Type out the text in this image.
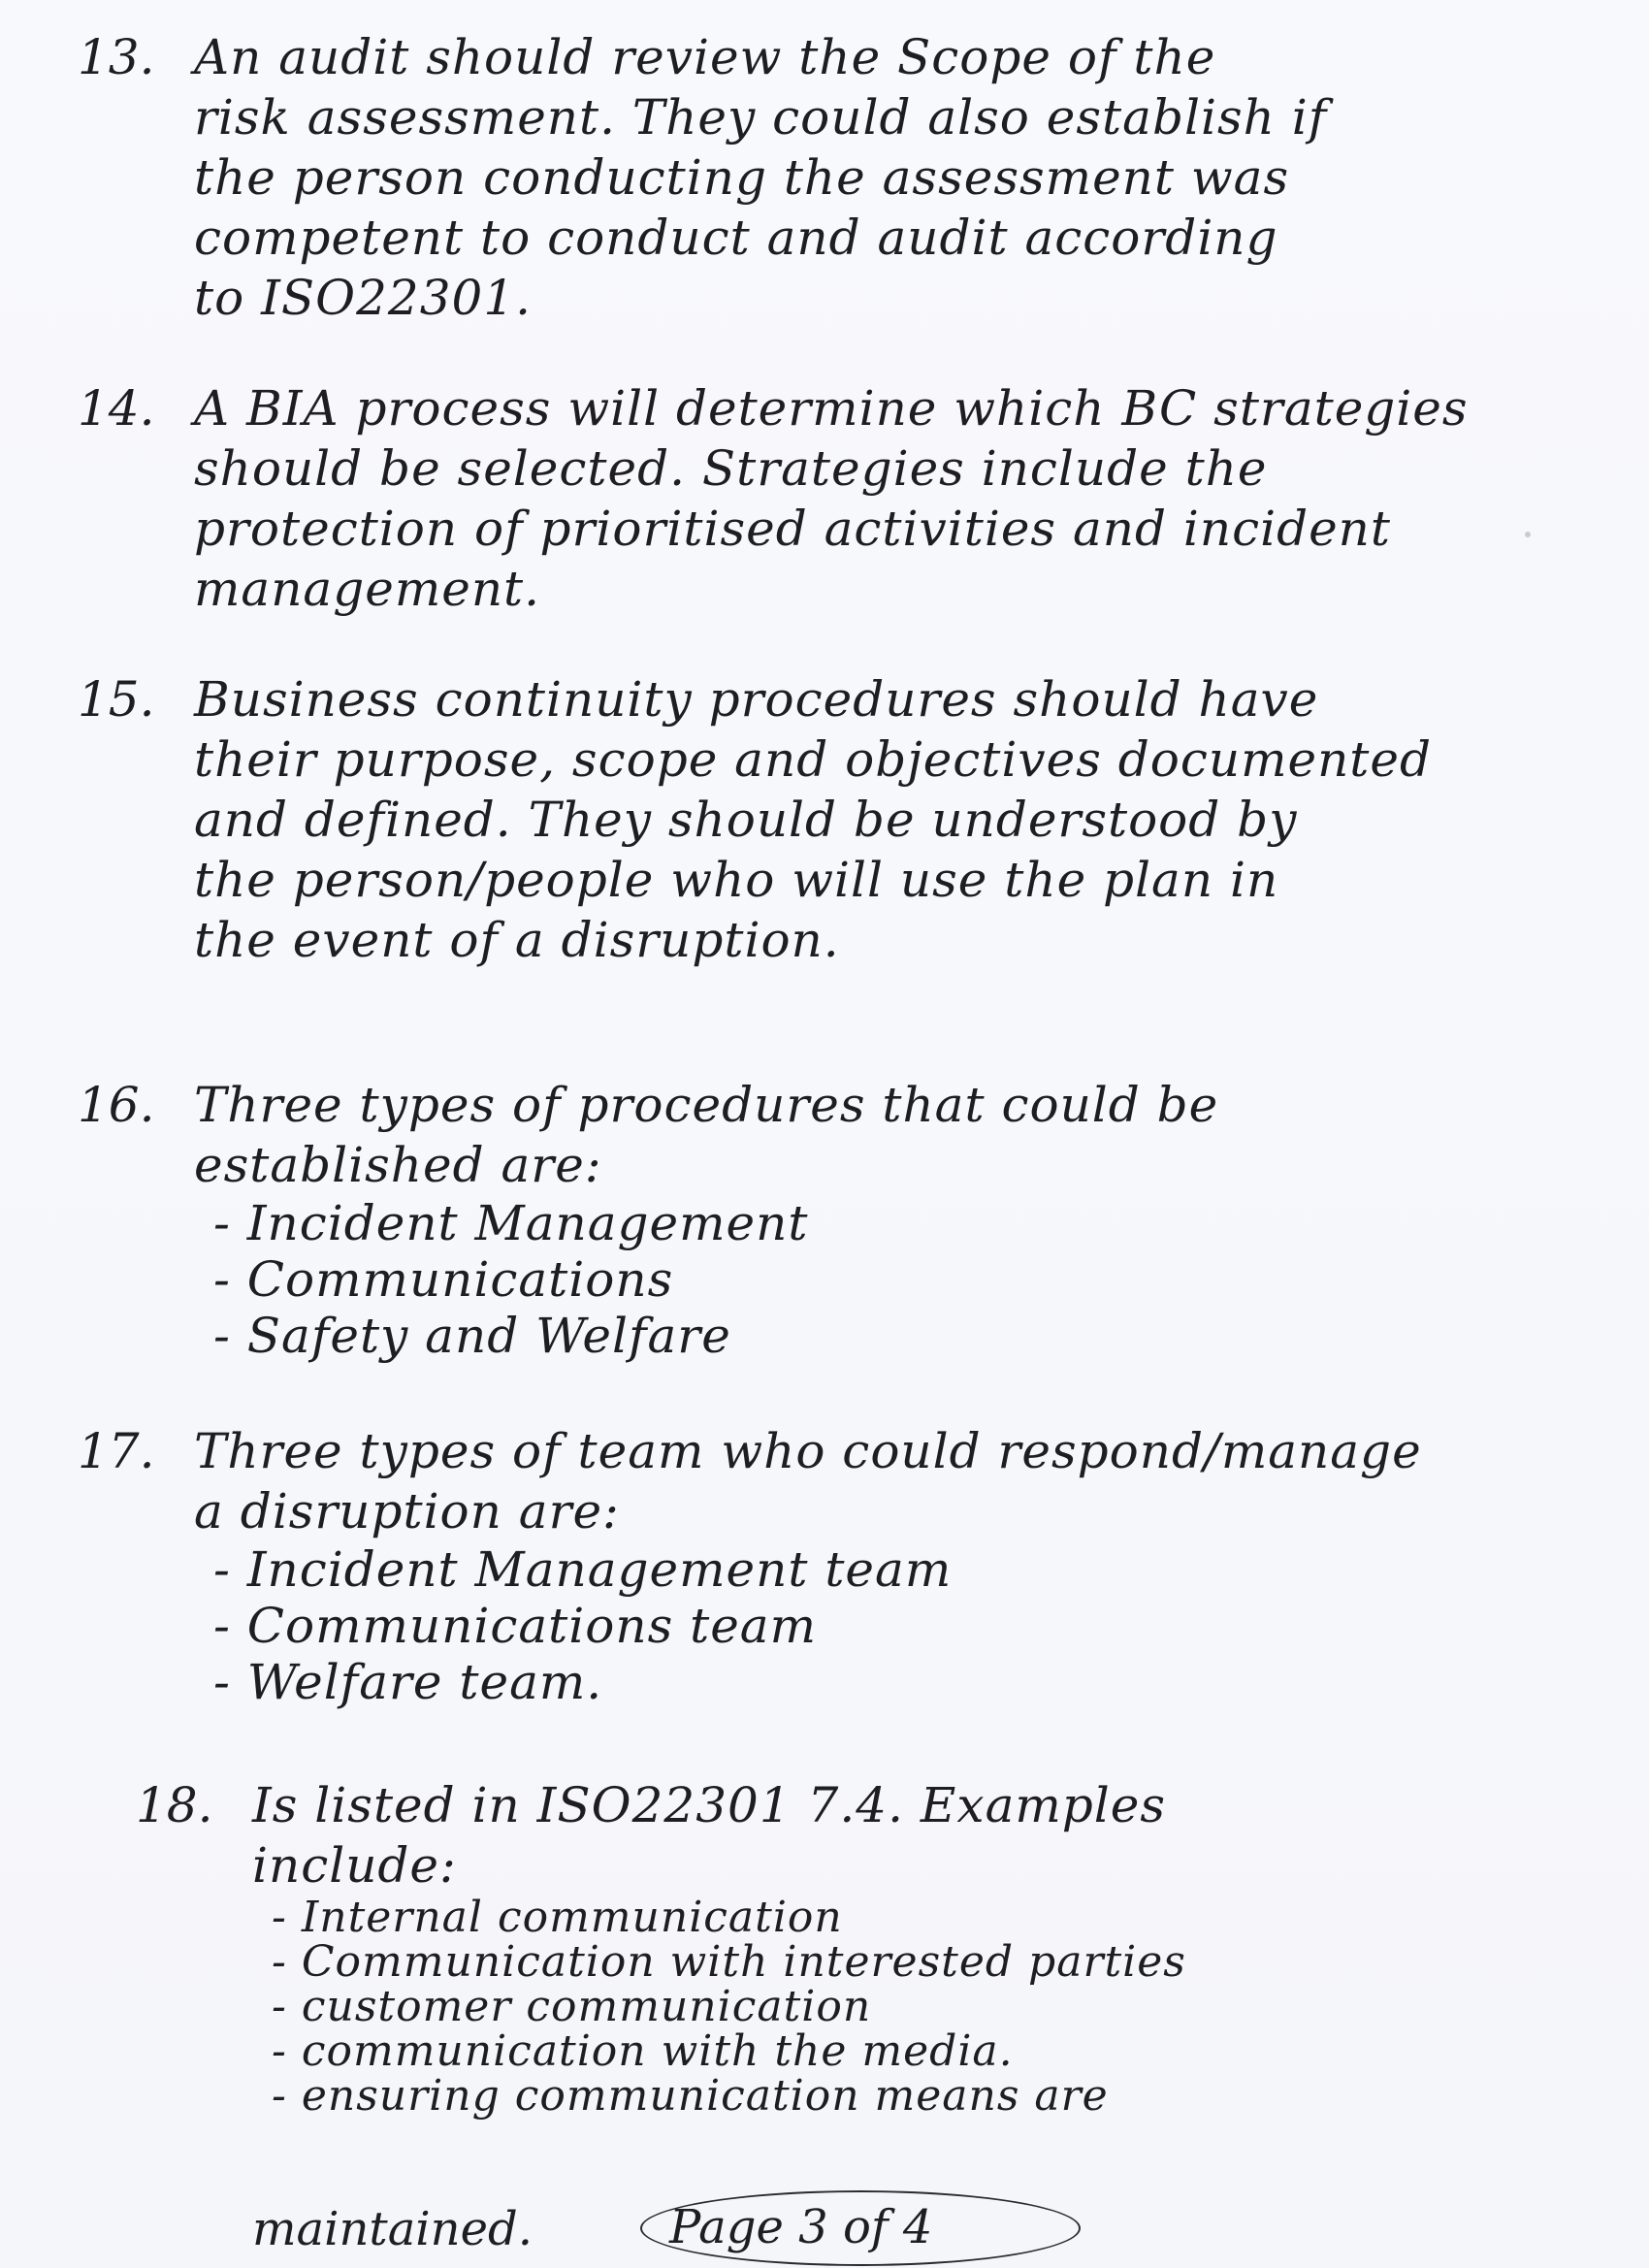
13. An audit should review the Scope of the
risk assessment. They could also establish if
the person conducting the assessment was
competent to conduct and audit according
to ISO22301.
14. A BIA process will determine which BC strategies
should be selected. Strategies include the
protection of prioritised activities and incident
management.
15. Business continuity procedures should have
their purpose, scope and objectives documented
and defined. They should be understood by
the person/people who will use the plan in
the event of a disruption.
16. Three types of procedures that could be
established are:
- Incident Management
- Communications
- Safety and Welfare
17. Three types of team who could respond/manage
a disruption are:
- Incident Management team
- Communications team
- Welfare team.
18. Is listed in ISO22301 7.4. Examples
include:
- Internal communication
- Communication with interested parties
- customer communication
- communication with the media.
- ensuring communication means are
maintained.	Page 3 of 4
